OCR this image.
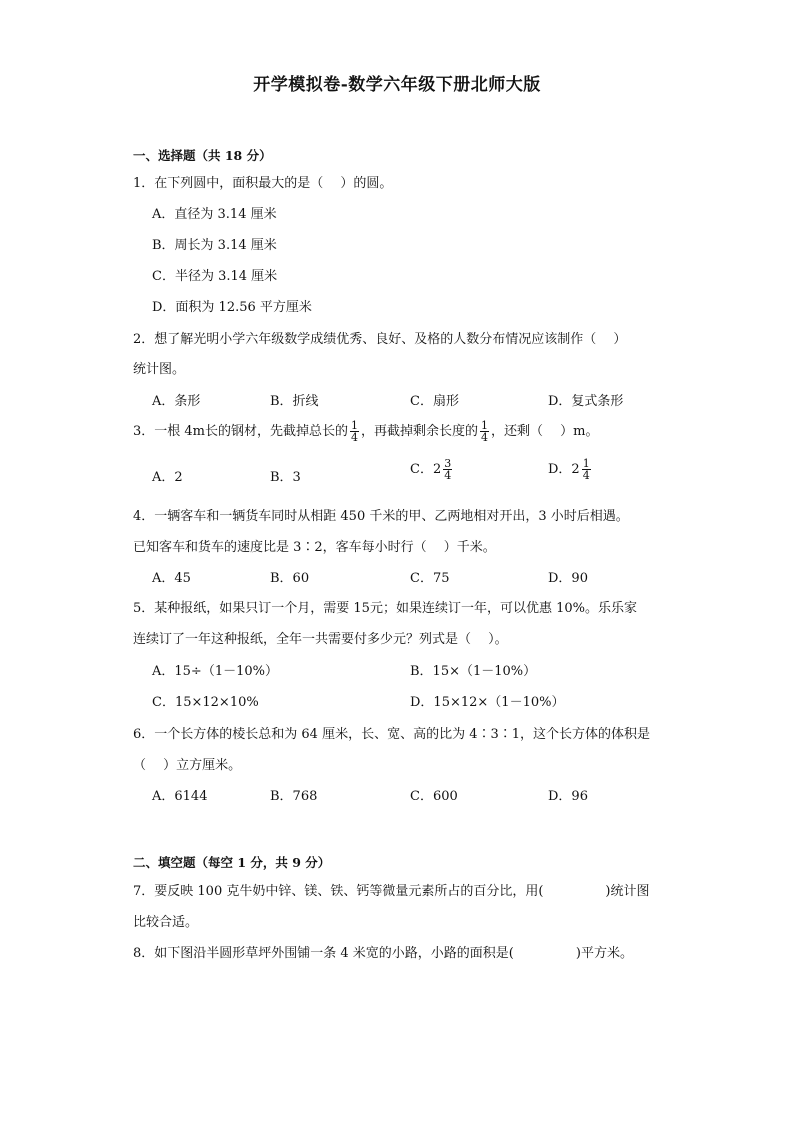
开学模拟卷-数学六年级下册北师大版
一、选择题（共 18 分）
1．在下列圆中，面积最大的是（　 ）的圆。
A．直径为 3.14 厘米
B．周长为 3.14 厘米
C．半径为 3.14 厘米
D．面积为 12.56 平方厘米
2．想了解光明小学六年级数学成绩优秀、良好、及格的人数分布情况应该制作（　 ）
统计图。
A．条形	B．折线	C．扇形	D．复式条形
3．一根 4m长的钢材，先截掉总长的 $\frac{1}{4}$ ，再截掉剩余长度的 $\frac{1}{4}$ ，还剩（　 ）m。
A．2	B．3
C．$2 \frac{3}{4}$	D．$2 \frac{1}{4}$
4．一辆客车和一辆货车同时从相距 450 千米的甲、乙两地相对开出，3 小时后相遇。
已知客车和货车的速度比是 3∶2，客车每小时行（　 ）千米。
A．45	B．60	C．75	D．90
5．某种报纸，如果只订一个月，需要 15元；如果连续订一年，可以优惠 10%。乐乐家
连续订了一年这种报纸，全年一共需要付多少元？列式是（　 ）。
A．15÷（1－10%）	B．15×（1－10%）
C．15×12×10%	D．15×12×（1－10%）
6．一个长方体的棱长总和为 64 厘米，长、宽、高的比为 4∶3∶1，这个长方体的体积是
（　 ）立方厘米。
A．6144	B．768	C．600	D．96
二、填空题（每空 1 分，共 9 分）
7．要反映 100 克牛奶中锌、镁、铁、钙等微量元素所占的百分比，用(	)统计图
比较合适。
8．如下图沿半圆形草坪外围铺一条 4 米宽的小路，小路的面积是(	)平方米。
